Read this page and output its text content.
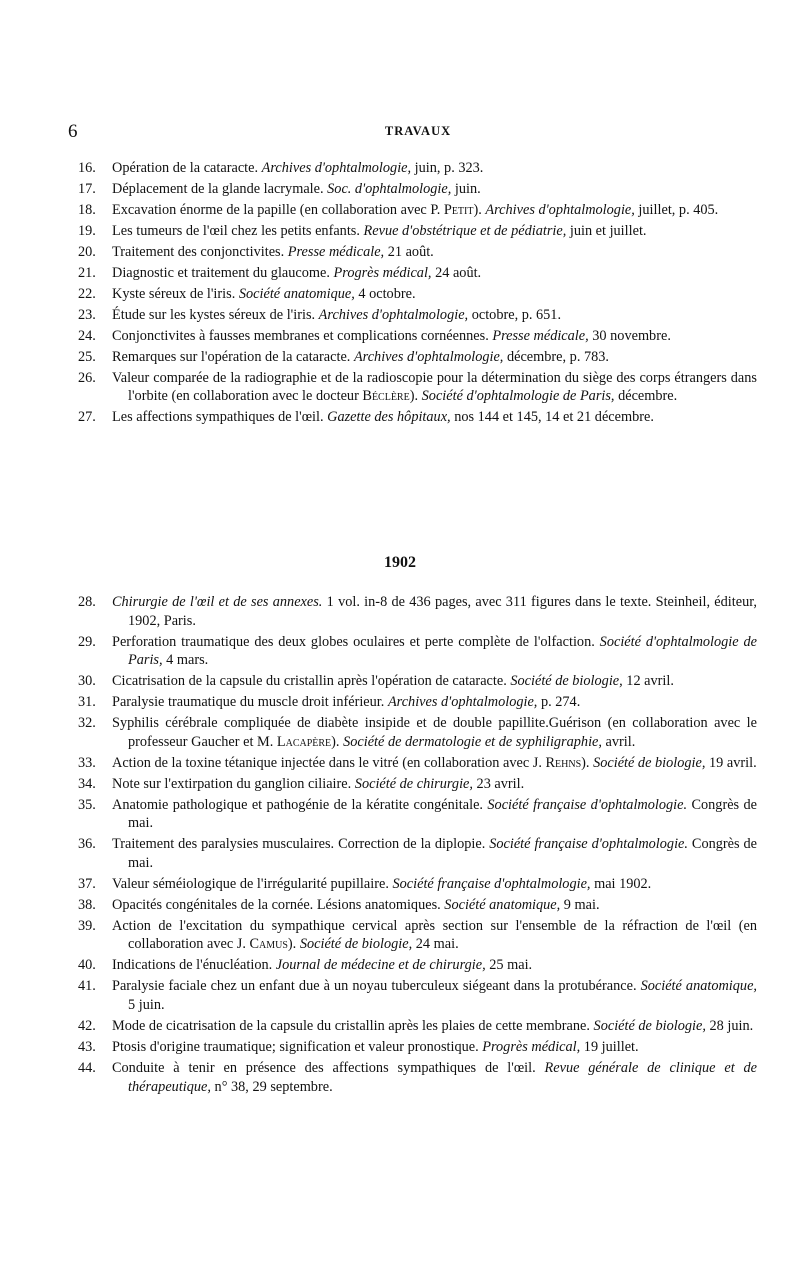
6	TRAVAUX
16. Opération de la cataracte. Archives d'ophtalmologie, juin, p. 323.
17. Déplacement de la glande lacrymale. Soc. d'ophtalmologie, juin.
18. Excavation énorme de la papille (en collaboration avec P. Petit). Archives d'ophtalmologie, juillet, p. 405.
19. Les tumeurs de l'œil chez les petits enfants. Revue d'obstétrique et de pédiatrie, juin et juillet.
20. Traitement des conjonctivites. Presse médicale, 21 août.
21. Diagnostic et traitement du glaucome. Progrès médical, 24 août.
22. Kyste séreux de l'iris. Société anatomique, 4 octobre.
23. Étude sur les kystes séreux de l'iris. Archives d'ophtalmologie, octobre, p. 651.
24. Conjonctivites à fausses membranes et complications cornéennes. Presse médicale, 30 novembre.
25. Remarques sur l'opération de la cataracte. Archives d'ophtalmologie, décembre, p. 783.
26. Valeur comparée de la radiographie et de la radioscopie pour la détermination du siège des corps étrangers dans l'orbite (en collaboration avec le docteur Béclère). Société d'ophtalmologie de Paris, décembre.
27. Les affections sympathiques de l'œil. Gazette des hôpitaux, nos 144 et 145, 14 et 21 décembre.
1902
28. Chirurgie de l'œil et de ses annexes. 1 vol. in-8 de 436 pages, avec 311 figures dans le texte. Steinheil, éditeur, 1902, Paris.
29. Perforation traumatique des deux globes oculaires et perte complète de l'olfaction. Société d'ophtalmologie de Paris, 4 mars.
30. Cicatrisation de la capsule du cristallin après l'opération de cataracte. Société de biologie, 12 avril.
31. Paralysie traumatique du muscle droit inférieur. Archives d'ophtalmologie, p. 274.
32. Syphilis cérébrale compliquée de diabète insipide et de double papillite.Guérison (en collaboration avec le professeur Gaucher et M. Lacapère). Société de dermatologie et de syphiligraphie, avril.
33. Action de la toxine tétanique injectée dans le vitré (en collaboration avec J. Rehns). Société de biologie, 19 avril.
34. Note sur l'extirpation du ganglion ciliaire. Société de chirurgie, 23 avril.
35. Anatomie pathologique et pathogénie de la kératite congénitale. Société française d'ophtalmologie. Congrès de mai.
36. Traitement des paralysies musculaires. Correction de la diplopie. Société française d'ophtalmologie. Congrès de mai.
37. Valeur séméiologique de l'irrégularité pupillaire. Société française d'ophtalmologie, mai 1902.
38. Opacités congénitales de la cornée. Lésions anatomiques. Société anatomique, 9 mai.
39. Action de l'excitation du sympathique cervical après section sur l'ensemble de la réfraction de l'œil (en collaboration avec J. Camus). Société de biologie, 24 mai.
40. Indications de l'énucléation. Journal de médecine et de chirurgie, 25 mai.
41. Paralysie faciale chez un enfant due à un noyau tuberculeux siégeant dans la protubérance. Société anatomique, 5 juin.
42. Mode de cicatrisation de la capsule du cristallin après les plaies de cette membrane. Société de biologie, 28 juin.
43. Ptosis d'origine traumatique; signification et valeur pronostique. Progrès médical, 19 juillet.
44. Conduite à tenir en présence des affections sympathiques de l'œil. Revue générale de clinique et de thérapeutique, n° 38, 29 septembre.
